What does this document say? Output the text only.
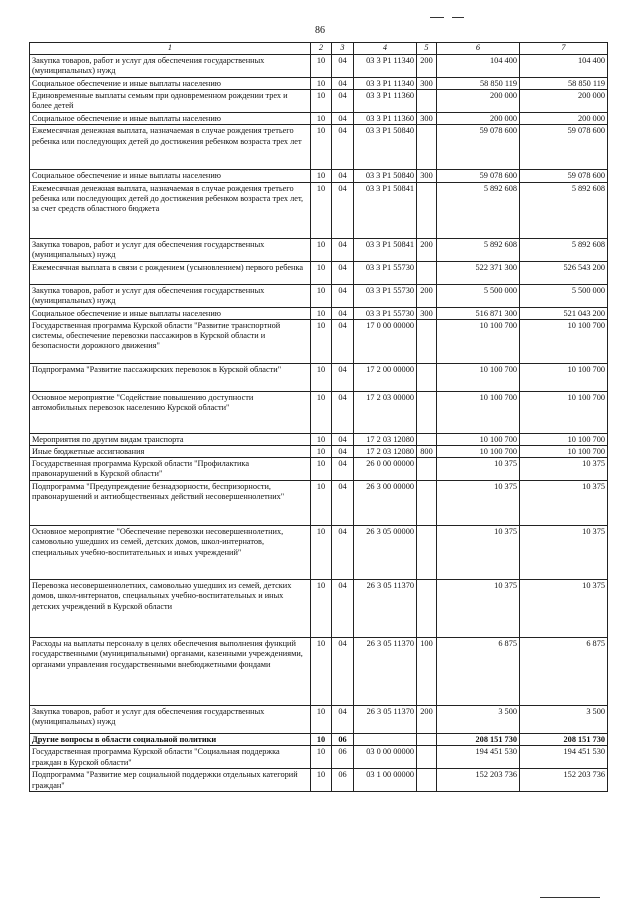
86
1	2	3	4	5	6	7
Закупка товаров, работ и услуг для обеспечения государственных (муниципальных) нужд	10	04	03 3 P1 11340	200	104 400	104 400
Социальное обеспечение и иные выплаты населению	10	04	03 3 P1 11340	300	58 850 119	58 850 119
Единовременные выплаты семьям при одновременном рождении трех и более детей	10	04	03 3 P1 11360		200 000	200 000
Социальное обеспечение и иные выплаты населению	10	04	03 3 P1 11360	300	200 000	200 000
Ежемесячная денежная выплата, назначаемая в случае рождения третьего ребенка или последующих детей до достижения ребенком возраста трех лет	10	04	03 3 P1 50840		59 078 600	59 078 600
Социальное обеспечение и иные выплаты населению	10	04	03 3 P1 50840	300	59 078 600	59 078 600
Ежемесячная денежная выплата, назначаемая в случае рождения третьего ребенка или последующих детей до достижения ребенком возраста трех лет, за счет средств областного бюджета	10	04	03 3 P1 50841		5 892 608	5 892 608
Закупка товаров, работ и услуг для обеспечения государственных (муниципальных) нужд	10	04	03 3 P1 50841	200	5 892 608	5 892 608
Ежемесячная выплата в связи с рождением (усыновлением) первого ребенка	10	04	03 3 P1 55730		522 371 300	526 543 200
Закупка товаров, работ и услуг для обеспечения государственных (муниципальных) нужд	10	04	03 3 P1 55730	200	5 500 000	5 500 000
Социальное обеспечение и иные выплаты населению	10	04	03 3 P1 55730	300	516 871 300	521 043 200
Государственная программа Курской области "Развитие транспортной системы, обеспечение перевозки пассажиров в Курской области и безопасности дорожного движения"	10	04	17 0 00 00000		10 100 700	10 100 700
Подпрограмма "Развитие пассажирских перевозок в Курской области"	10	04	17 2 00 00000		10 100 700	10 100 700
Основное мероприятие "Содействие повышению доступности автомобильных перевозок населению Курской области"	10	04	17 2 03 00000		10 100 700	10 100 700
Мероприятия по другим видам транспорта	10	04	17 2 03 12080		10 100 700	10 100 700
Иные бюджетные ассигнования	10	04	17 2 03 12080	800	10 100 700	10 100 700
Государственная программа Курской области "Профилактика правонарушений в Курской области"	10	04	26 0 00 00000		10 375	10 375
Подпрограмма "Предупреждение безнадзорности, беспризорности, правонарушений и антиобщественных действий несовершеннолетних"	10	04	26 3 00 00000		10 375	10 375
Основное мероприятие "Обеспечение перевозки несовершеннолетних, самовольно ушедших из семей, детских домов, школ-интернатов, специальных учебно-воспитательных и иных учреждений"	10	04	26 3 05 00000		10 375	10 375
Перевозка несовершеннолетних, самовольно ушедших из семей, детских домов, школ-интернатов, специальных учебно-воспитательных и иных детских учреждений в Курской области	10	04	26 3 05 11370		10 375	10 375
Расходы на выплаты персоналу в целях обеспечения выполнения функций государственными (муниципальными) органами, казенными учреждениями, органами управления государственными внебюджетными фондами	10	04	26 3 05 11370	100	6 875	6 875
Закупка товаров, работ и услуг для обеспечения государственных (муниципальных) нужд	10	04	26 3 05 11370	200	3 500	3 500
Другие вопросы в области социальной политики	10	06			208 151 730	208 151 730
Государственная программа Курской области "Социальная поддержка граждан в Курской области"	10	06	03 0 00 00000		194 451 530	194 451 530
Подпрограмма "Развитие мер социальной поддержки отдельных категорий граждан"	10	06	03 1 00 00000		152 203 736	152 203 736
